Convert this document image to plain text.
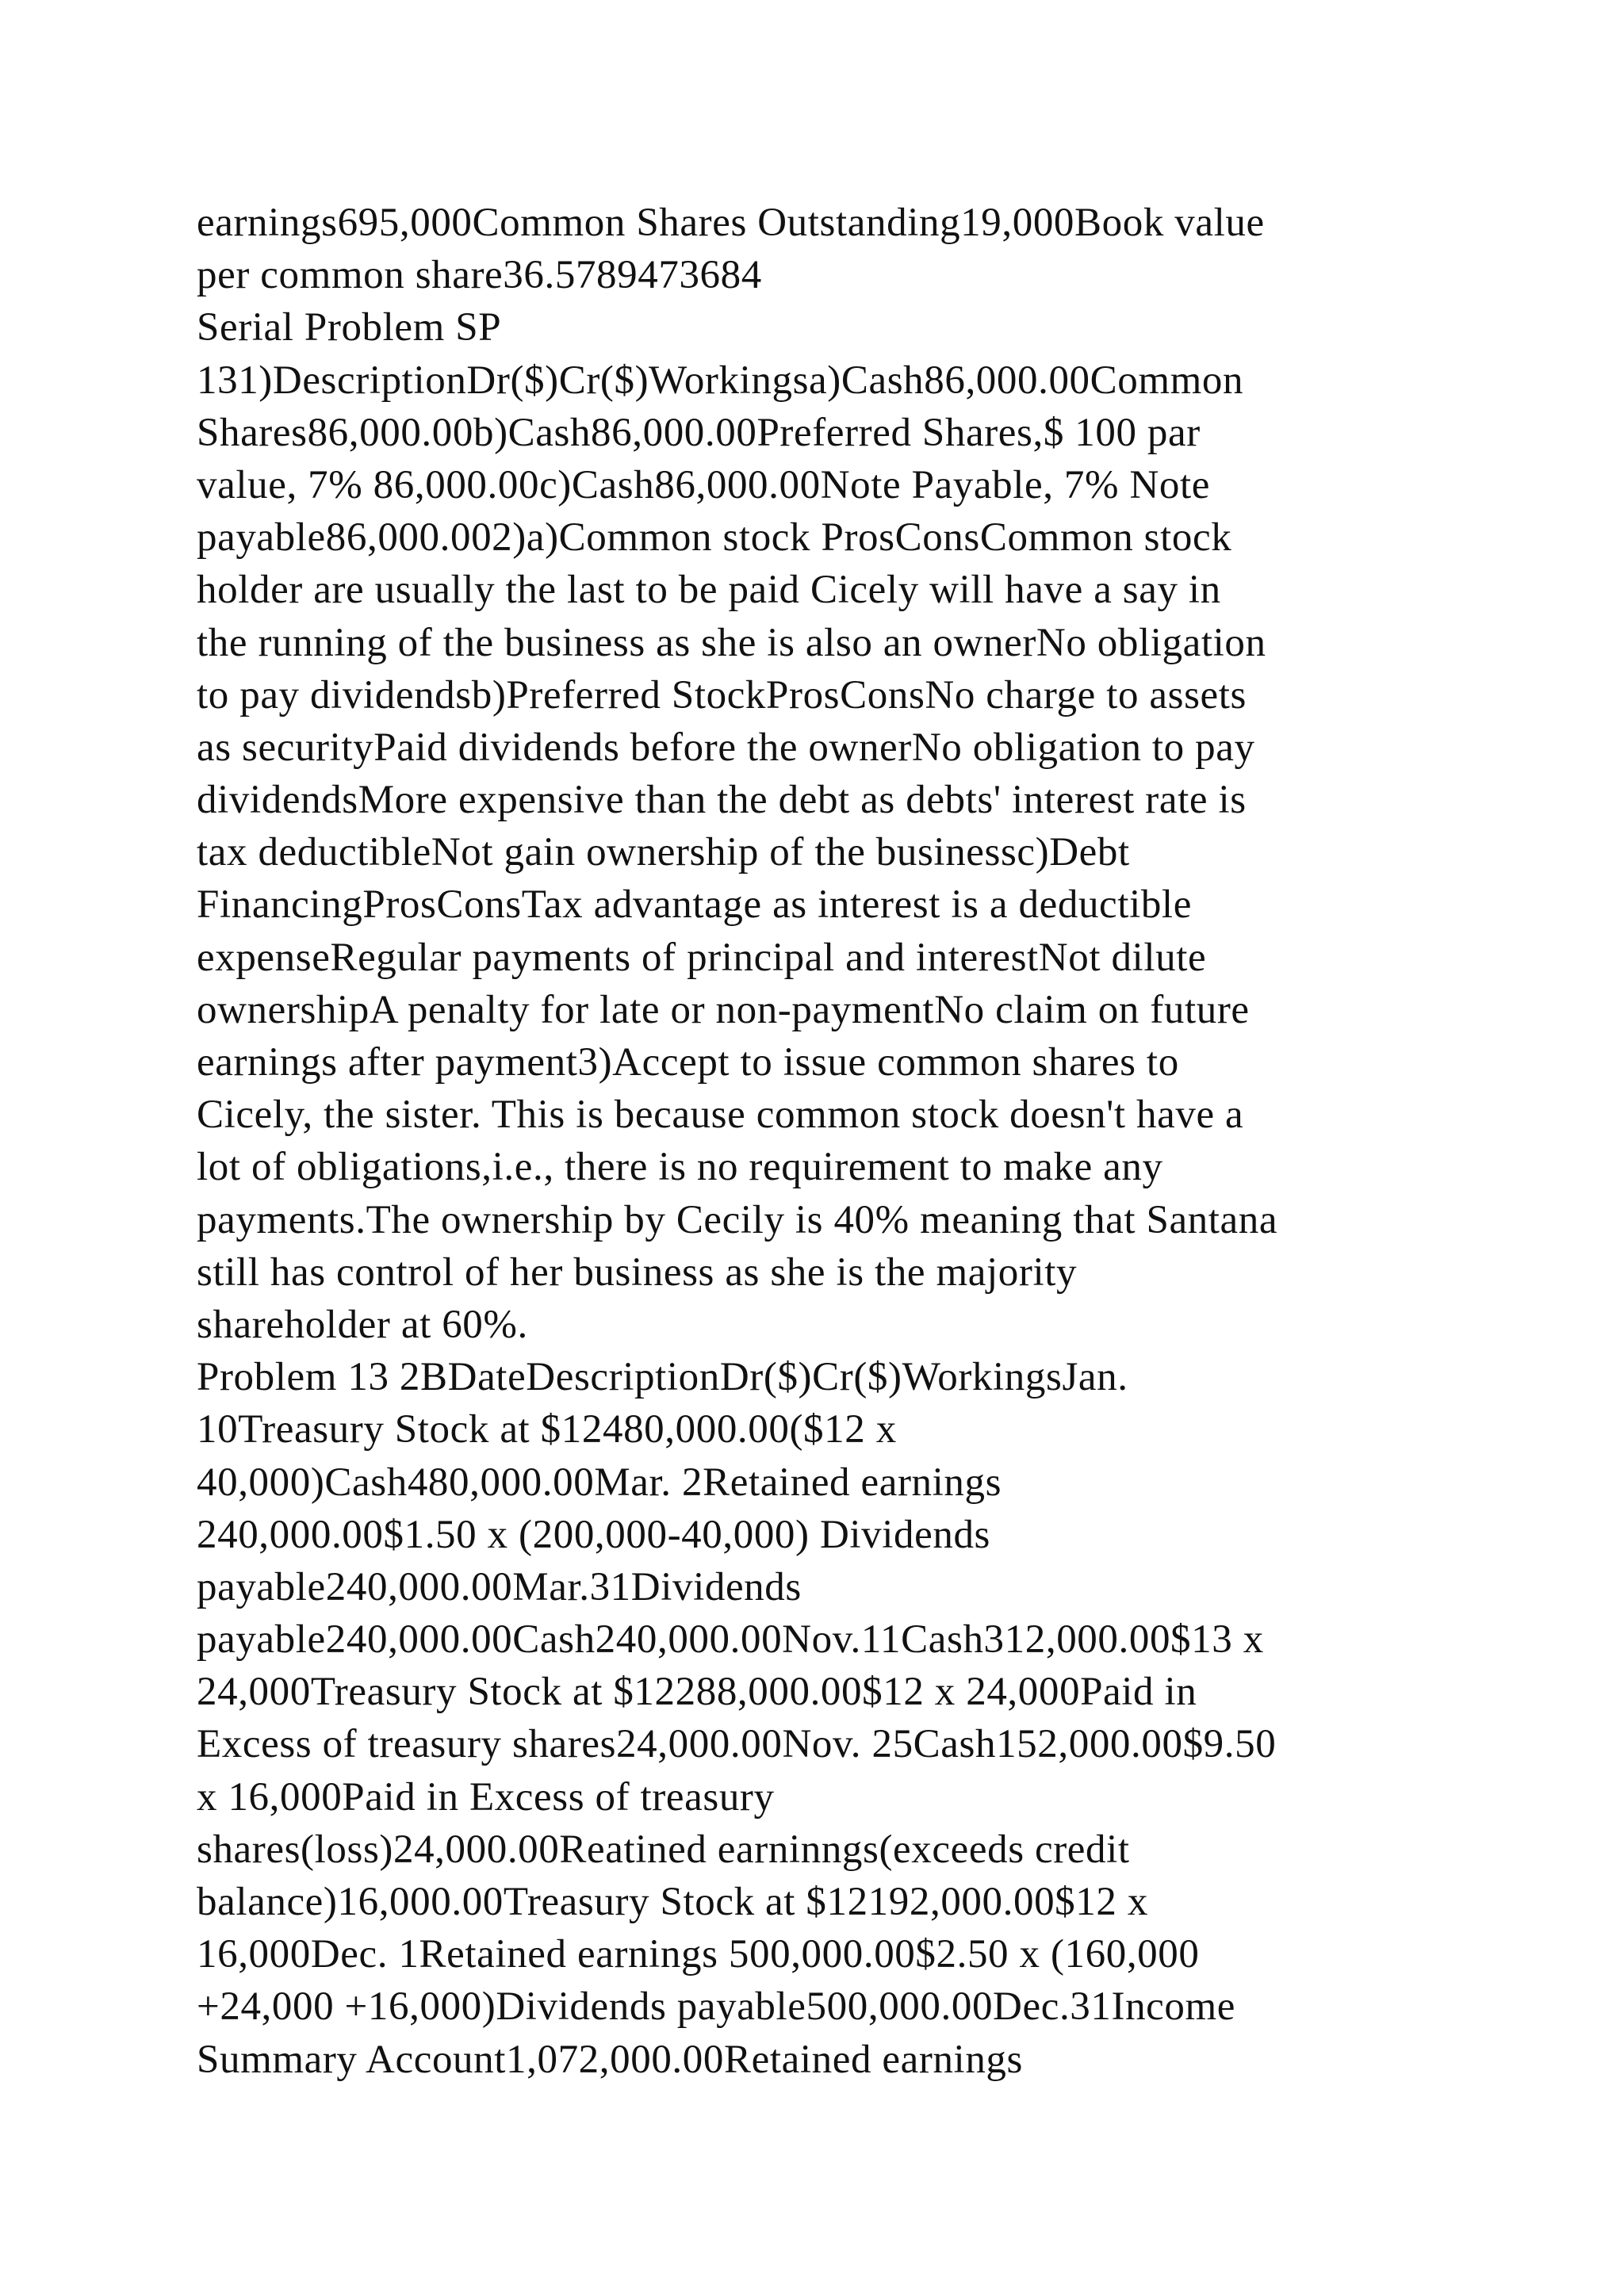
earnings695,000Common Shares Outstanding19,000Book value
per common share36.5789473684
Serial Problem SP
131)DescriptionDr($)Cr($)Workingsa)Cash86,000.00Common
Shares86,000.00b)Cash86,000.00Preferred Shares,$ 100 par
value, 7% 86,000.00c)Cash86,000.00Note Payable, 7% Note
payable86,000.002)a)Common stock ProsConsCommon stock
holder are usually the last to be paid Cicely will have a say in
the running of the business as she is also an ownerNo obligation
to pay dividendsb)Preferred StockProsConsNo charge to assets
as securityPaid dividends before the ownerNo obligation to pay
dividendsMore expensive than the debt as debts' interest rate is
tax deductibleNot gain ownership of the businessc)Debt
FinancingProsConsTax advantage as interest is a deductible
expenseRegular payments of principal and interestNot dilute
ownershipA penalty for late or non-paymentNo claim on future
earnings after payment3)Accept to issue common shares to
Cicely, the sister. This is because common stock doesn't have a
lot of obligations,i.e., there is no requirement to make any
payments.The ownership by Cecily is 40% meaning that Santana
still has control of her business as she is the majority
shareholder at 60%.
Problem 13 2BDateDescriptionDr($)Cr($)WorkingsJan.
10Treasury Stock at $12480,000.00($12 x
40,000)Cash480,000.00Mar. 2Retained earnings
240,000.00$1.50 x (200,000-40,000) Dividends
payable240,000.00Mar.31Dividends
payable240,000.00Cash240,000.00Nov.11Cash312,000.00$13 x
24,000Treasury Stock at $12288,000.00$12 x 24,000Paid in
Excess of treasury shares24,000.00Nov. 25Cash152,000.00$9.50
x 16,000Paid in Excess of treasury
shares(loss)24,000.00Reatined earninngs(exceeds credit
balance)16,000.00Treasury Stock at $12192,000.00$12 x
16,000Dec. 1Retained earnings 500,000.00$2.50 x (160,000
+24,000 +16,000)Dividends payable500,000.00Dec.31Income
Summary Account1,072,000.00Retained earnings
